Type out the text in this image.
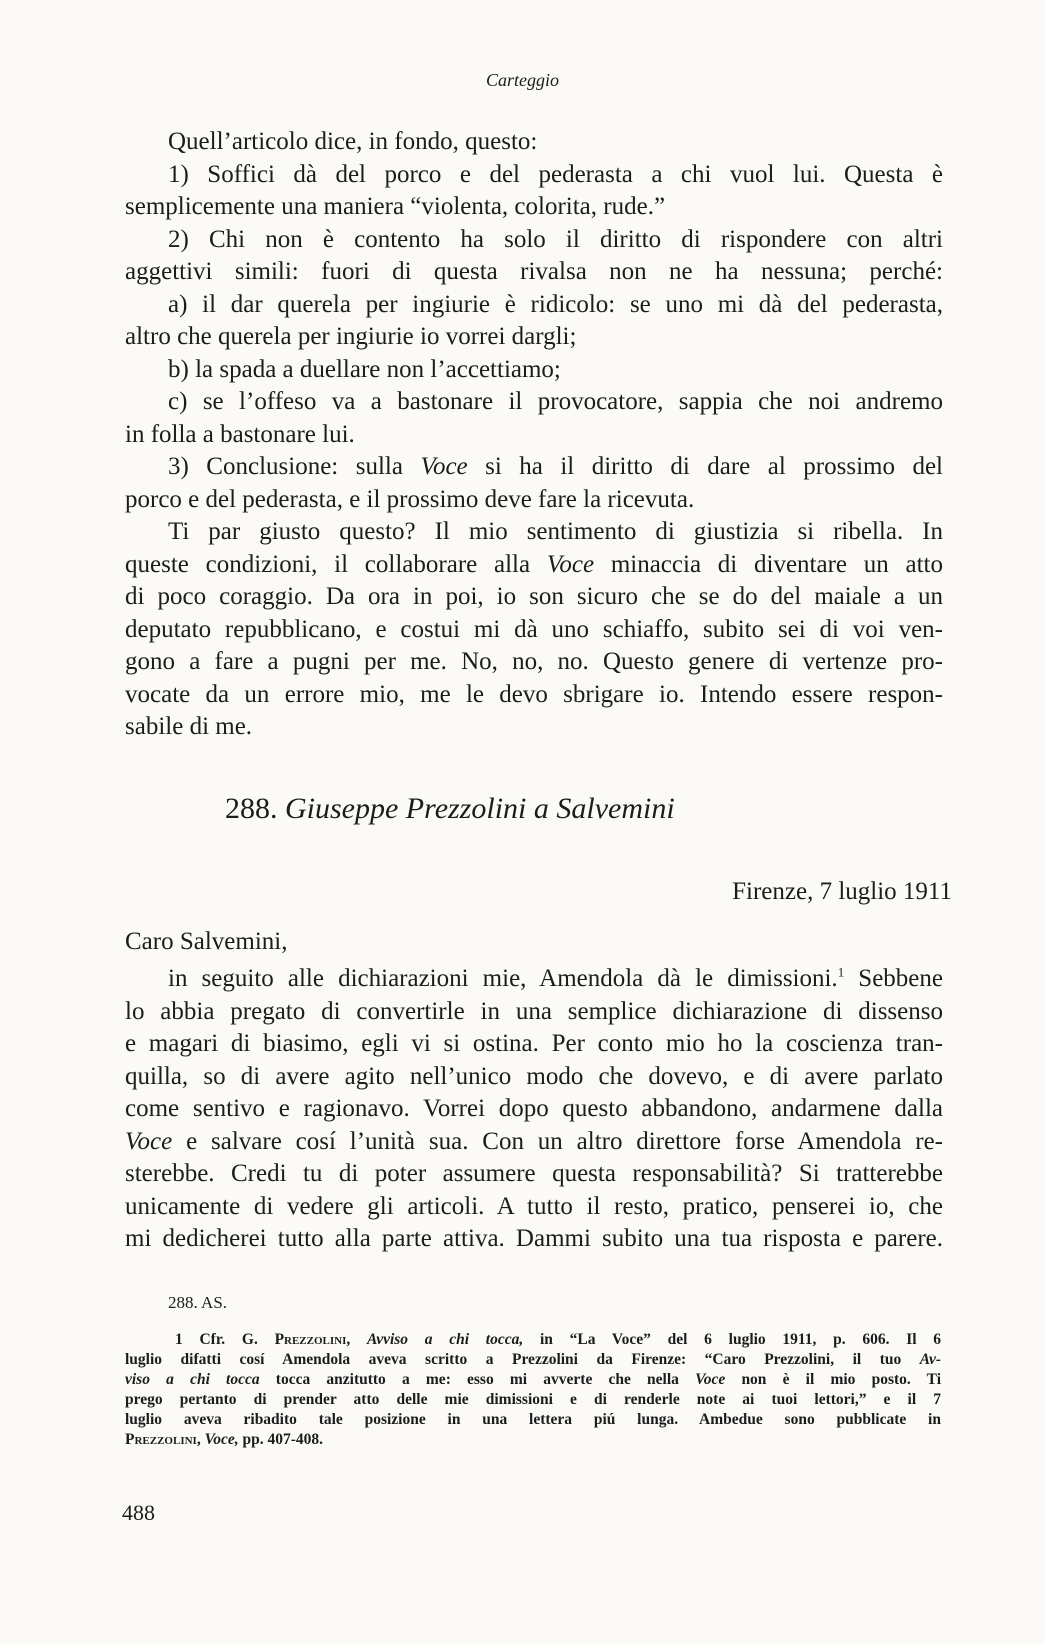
Carteggio
Quell’articolo dice, in fondo, questo:
1) Soffici dà del porco e del pederasta a chi vuol lui. Questa è
semplicemente una maniera “violenta, colorita, rude.”
2) Chi non è contento ha solo il diritto di rispondere con altri
aggettivi simili: fuori di questa rivalsa non ne ha nessuna; perché:
a) il dar querela per ingiurie è ridicolo: se uno mi dà del pederasta,
altro che querela per ingiurie io vorrei dargli;
b) la spada a duellare non l’accettiamo;
c) se l’offeso va a bastonare il provocatore, sappia che noi andremo
in folla a bastonare lui.
3) Conclusione: sulla Voce si ha il diritto di dare al prossimo del
porco e del pederasta, e il prossimo deve fare la ricevuta.
Ti par giusto questo? Il mio sentimento di giustizia si ribella. In
queste condizioni, il collaborare alla Voce minaccia di diventare un atto
di poco coraggio. Da ora in poi, io son sicuro che se do del maiale a un
deputato repubblicano, e costui mi dà uno schiaffo, subito sei di voi ven-
gono a fare a pugni per me. No, no, no. Questo genere di vertenze pro-
vocate da un errore mio, me le devo sbrigare io. Intendo essere respon-
sabile di me.
288. Giuseppe Prezzolini a Salvemini
Firenze, 7 luglio 1911
Caro Salvemini,
in seguito alle dichiarazioni mie, Amendola dà le dimissioni.$^1$ Sebbene
lo abbia pregato di convertirle in una semplice dichiarazione di dissenso
e magari di biasimo, egli vi si ostina. Per conto mio ho la coscienza tran-
quilla, so di avere agito nell’unico modo che dovevo, e di avere parlato
come sentivo e ragionavo. Vorrei dopo questo abbandono, andarmene dalla
Voce e salvare cosí l’unità sua. Con un altro direttore forse Amendola re-
sterebbe. Credi tu di poter assumere questa responsabilità? Si tratterebbe
unicamente di vedere gli articoli. A tutto il resto, pratico, penserei io, che
mi dedicherei tutto alla parte attiva. Dammi subito una tua risposta e parere.
288. AS.
1 Cfr. G. Prezzolini, Avviso a chi tocca, in “La Voce” del 6 luglio 1911, p. 606. Il 6
luglio difatti cosí Amendola aveva scritto a Prezzolini da Firenze: “Caro Prezzolini, il tuo Av-
viso a chi tocca tocca anzitutto a me: esso mi avverte che nella Voce non è il mio posto. Ti
prego pertanto di prender atto delle mie dimissioni e di renderle note ai tuoi lettori,” e il 7
luglio aveva ribadito tale posizione in una lettera piú lunga. Ambedue sono pubblicate in
Prezzolini, Voce, pp. 407-408.
488
